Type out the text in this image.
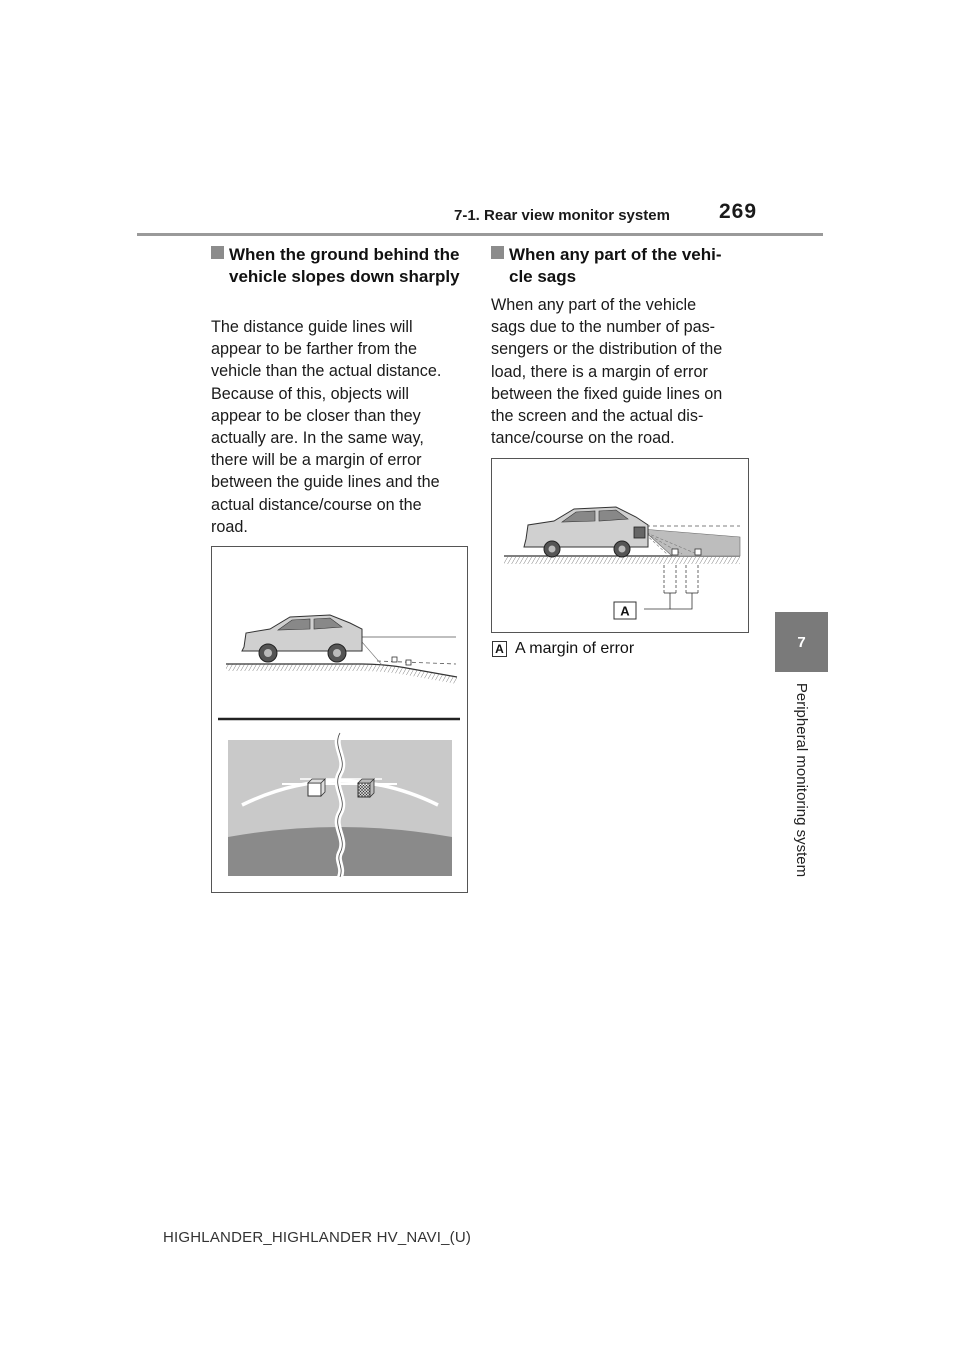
7-1. Rear view monitor system 269
7
Peripheral monitoring system
When the ground behind the vehicle slopes down sharply
The distance guide lines will
appear to be farther from the
vehicle than the actual distance.
Because of this, objects will
appear to be closer than they
actually are. In the same way,
there will be a margin of error
between the guide lines and the
actual distance/course on the
road.
When any part of the vehi-
cle sags
When any part of the vehicle
sags due to the number of pas-
sengers or the distribution of the
load, there is a margin of error
between the fixed guide lines on
the screen and the actual dis-
tance/course on the road.
A
A A margin of error
HIGHLANDER_HIGHLANDER HV_NAVI_(U)
